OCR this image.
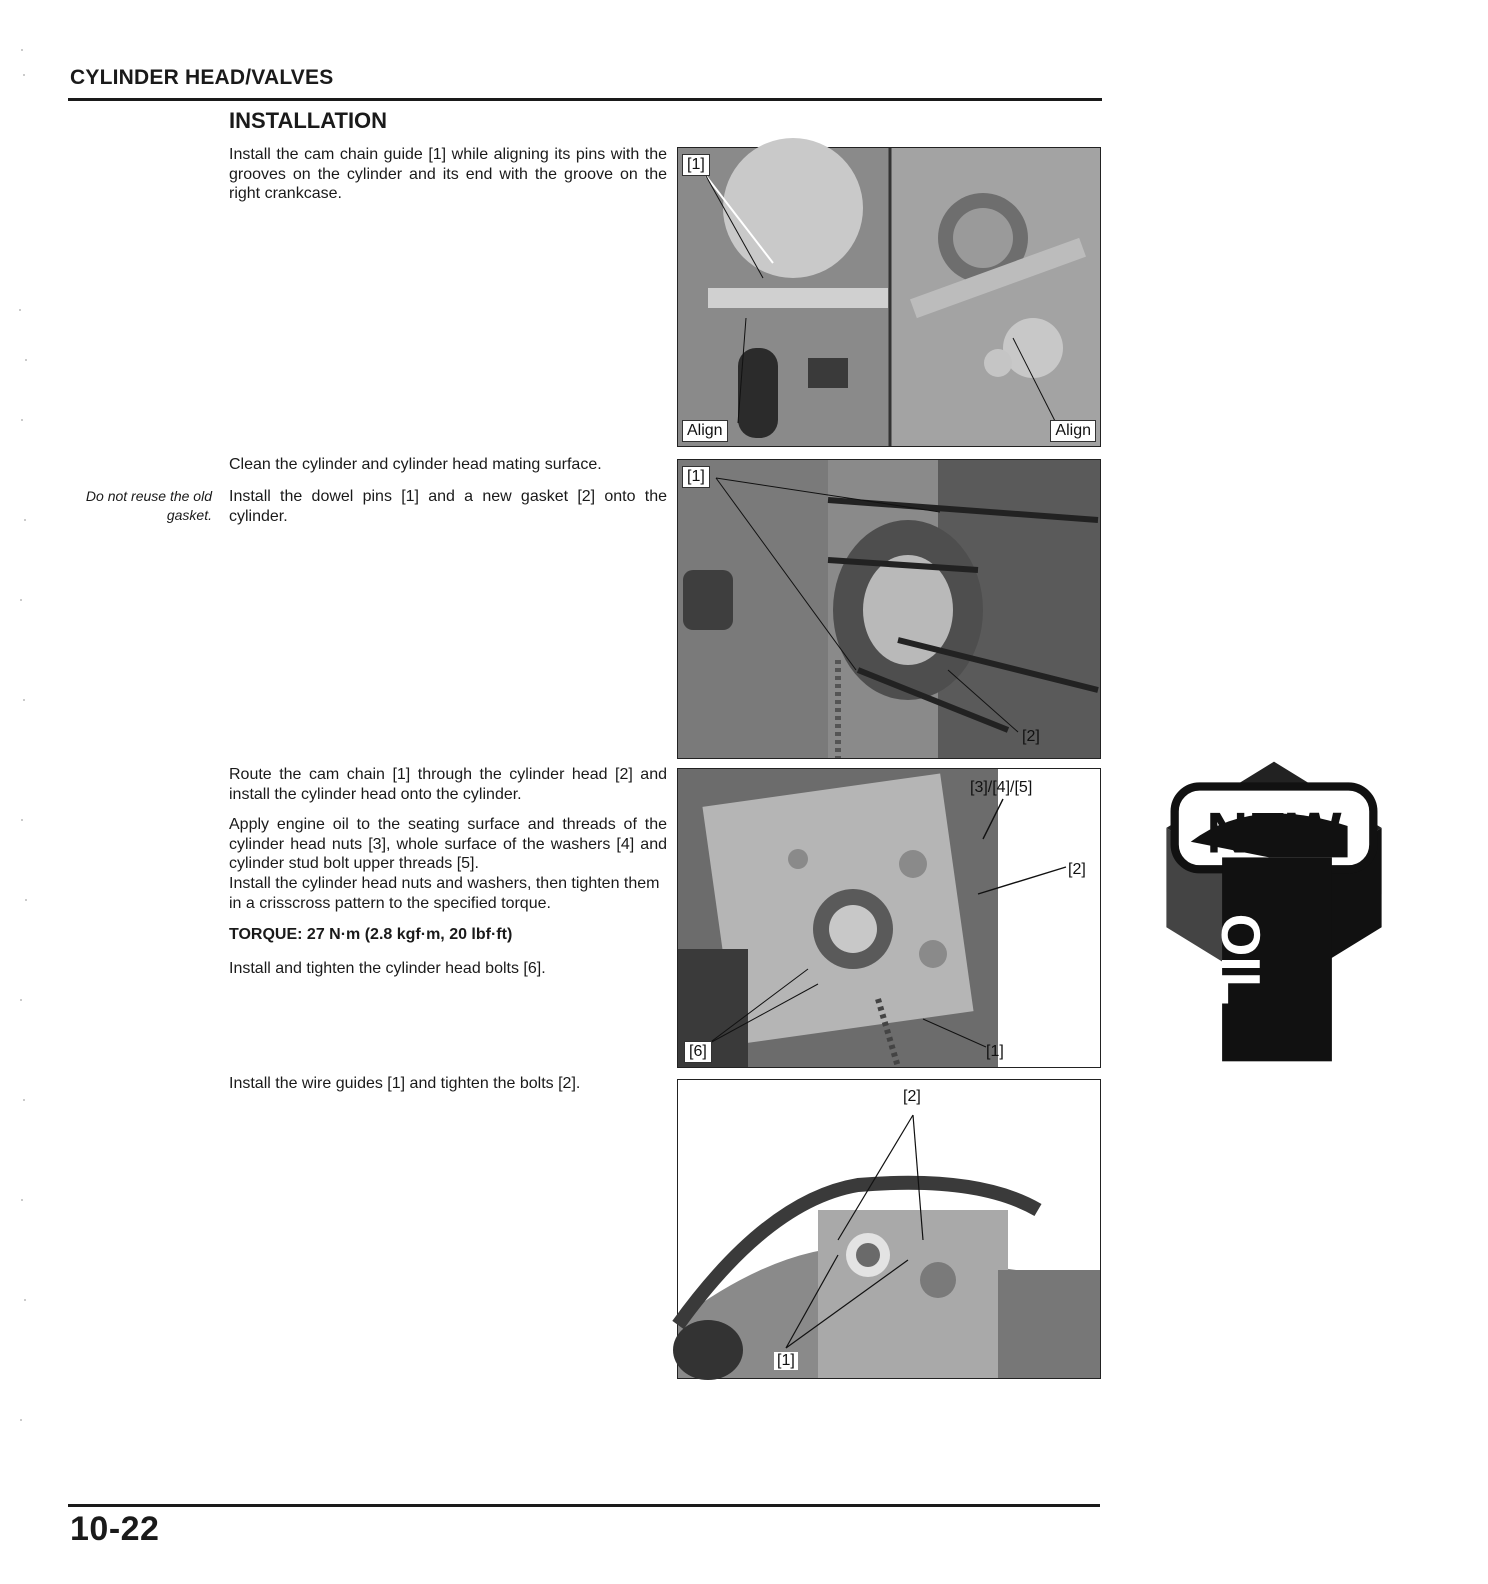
CYLINDER HEAD/VALVES
INSTALLATION
Install the cam chain guide [1] while aligning its pins with the grooves on the cylinder and its end with the groove on the right crankcase.
Clean the cylinder and cylinder head mating surface.
Do not reuse the old gasket.
Install the dowel pins [1] and a new gasket [2] onto the cylinder.
Route the cam chain [1] through the cylinder head [2] and install the cylinder head onto the cylinder.
Apply engine oil to the seating surface and threads of the cylinder head nuts [3], whole surface of the washers [4] and cylinder stud bolt upper threads [5].
Install the cylinder head nuts and washers, then tighten them in a crisscross pattern to the specified torque.
TORQUE: 27 N·m (2.8 kgf·m, 20 lbf·ft)
Install and tighten the cylinder head bolts [6].
Install the wire guides [1] and tighten the bolts [2].
[1]
Align	Align
[1]
[2]
[3]/[4]/[5]
[2]
[6]	[1]
OIL
[2]
[1]
10-22
